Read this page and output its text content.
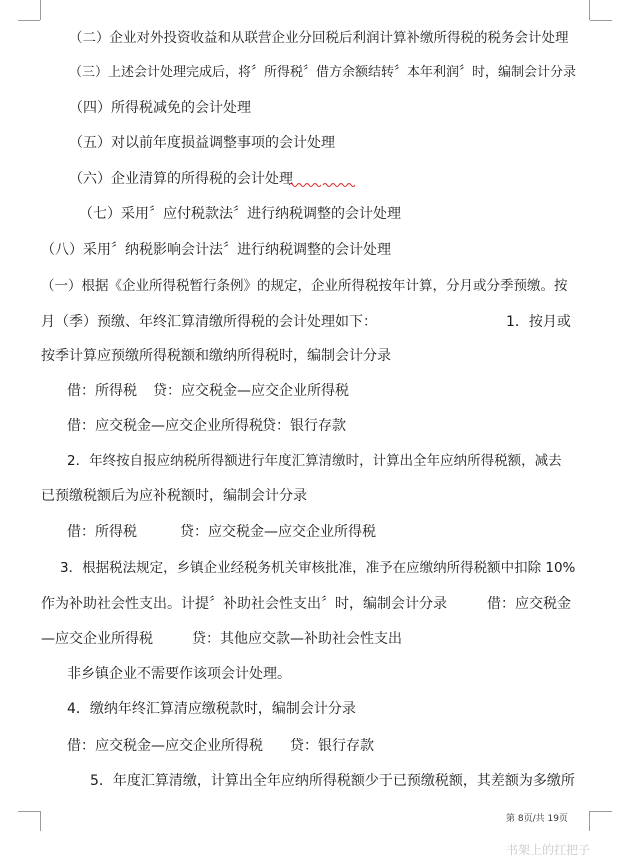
（二）企业对外投资收益和从联营企业分回税后利润计算补缴所得税的税务会计处理
（三）上述会计处理完成后，将〞所得税〞借方余额结转〞本年利润〞时，编制会计分录
（四）所得税减免的会计处理
（五）对以前年度损益调整事项的会计处理
（六）企业清算的所得税的会计处理
（七）采用〞应付税款法〞进行纳税调整的会计处理
（八）采用〞纳税影响会计法〞进行纳税调整的会计处理
（一）根据《企业所得税暂行条例》的规定，企业所得税按年计算，分月或分季预缴。按
月（季）预缴、年终汇算清缴所得税的会计处理如下：	1．按月或
按季计算应预缴所得税额和缴纳所得税时，编制会计分录
借：所得税 贷：应交税金—应交企业所得税
借：应交税金—应交企业所得税 贷：银行存款
2．年终按自报应纳税所得额进行年度汇算清缴时，计算出全年应纳所得税额，减去
已预缴税额后为应补税额时，编制会计分录
借：所得税	贷：应交税金—应交企业所得税
3．根据税法规定，乡镇企业经税务机关审核批准，准予在应缴纳所得税额中扣除 10%
作为补助社会性支出。计提〞补助社会性支出〞时，编制会计分录	借：应交税金
—应交企业所得税	贷：其他应交款—补助社会性支出
非乡镇企业不需要作该项会计处理。
4．缴纳年终汇算清应缴税款时，编制会计分录
借：应交税金—应交企业所得税 贷：银行存款
5．年度汇算清缴，计算出全年应纳所得税额少于已预缴税额，其差额为多缴所
第 8页/共 19页
书架上的扛把子
